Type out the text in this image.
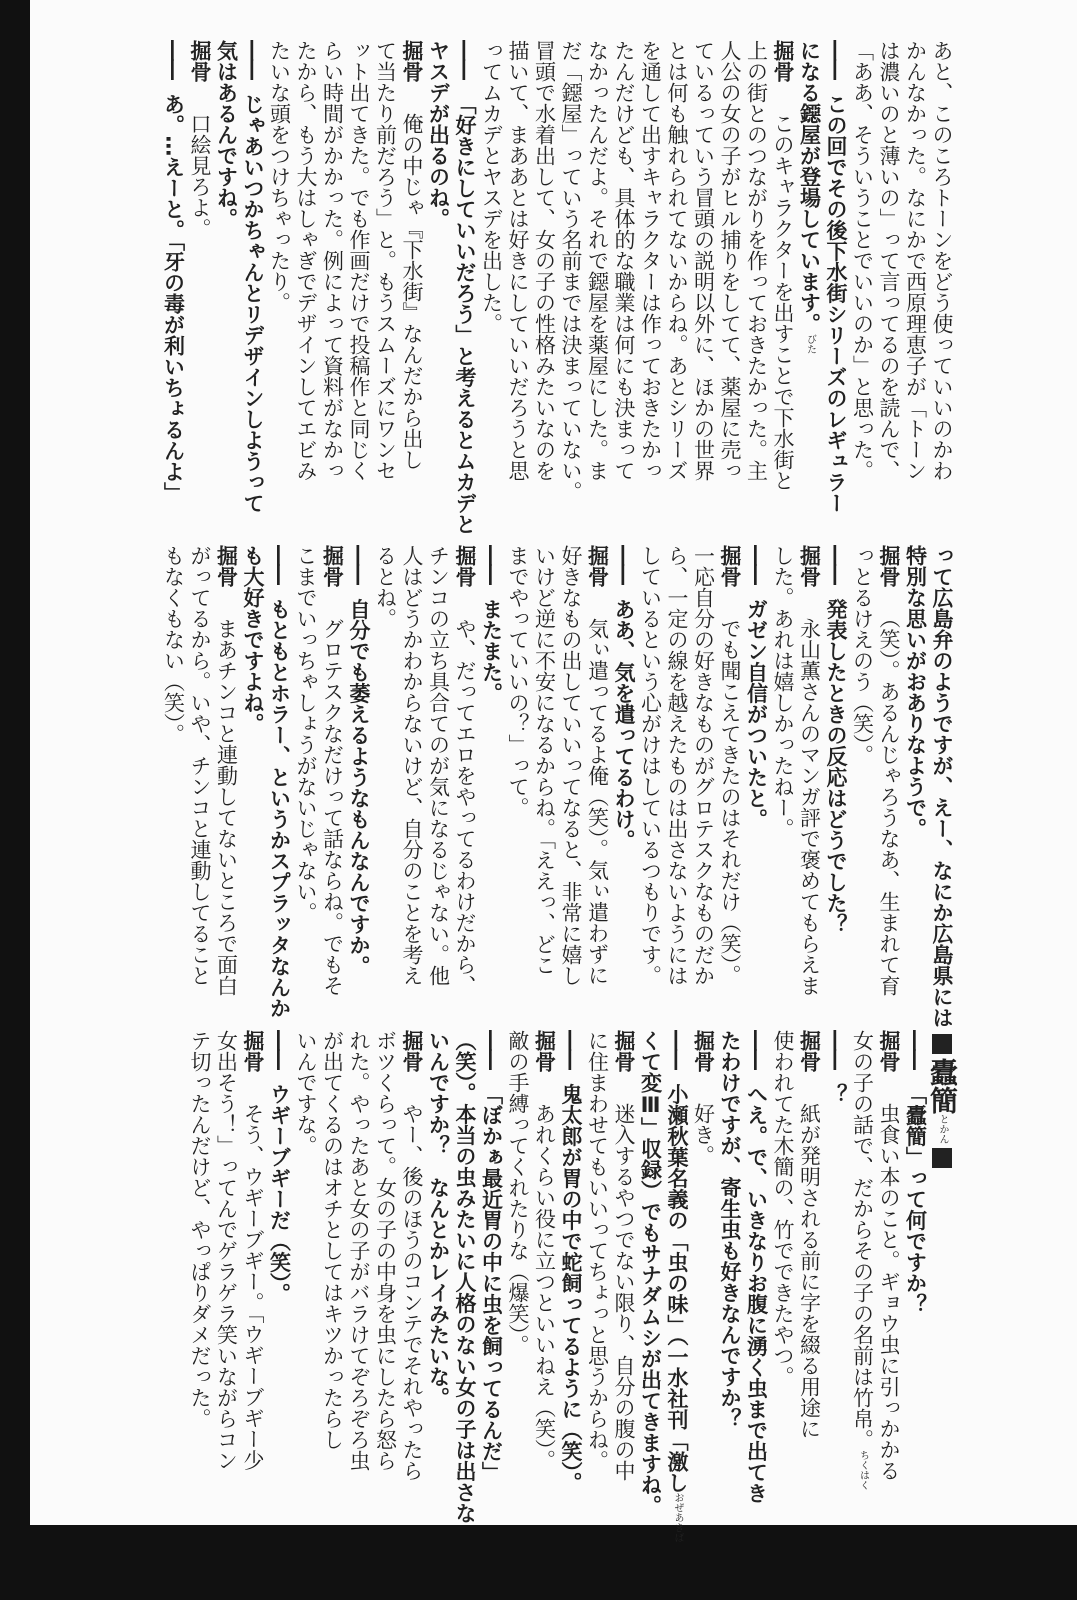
あと、このころトーンをどう使っていいのかわ
かんなかった。なにかで西原理恵子が「トーン
は濃いのと薄いの」って言ってるのを読んで、
「ああ、そういうことでいいのか」と思った。
―― この回でその後下水街シリーズのレギュラー
になる鐚屋が登場しています。びた
掘骨　このキャラクターを出すことで下水街と
上の街とのつながりを作っておきたかった。主
人公の女の子がヒル捕りをしてて、薬屋に売っ
ているっていう冒頭の説明以外に、ほかの世界
とは何も触れられてないからね。あとシリーズ
を通して出すキャラクターは作っておきたかっ
たんだけども、具体的な職業は何にも決まって
なかったんだよ。それで鐚屋を薬屋にした。ま
だ「鐚屋」っていう名前までは決まっていない。
冒頭で水着出して、女の子の性格みたいなのを
描いて、まああとは好きにしていいだろうと思
ってムカデとヤスデを出した。
―― 「好きにしていいだろう」と考えるとムカデと
ヤスデが出るのね。
掘骨　俺の中じゃ『下水街』なんだから出し
て当たり前だろう」と。もうスムーズにワンセ
ット出てきた。でも作画だけで投稿作と同じく
らい時間がかかった。例によって資料がなかっ
たから、もう大はしゃぎでデザインしてエビみ
たいな頭をつけちゃったり。
―― じゃあいつかちゃんとリデザインしようって
気はあるんですね。
掘骨　口絵見ろよ。
―― あ。…えーと。「牙の毒が利いちょるんよ」
って広島弁のようですが、えー、なにか広島県には
特別な思いがおありなようで。
掘骨　（笑）。あるんじゃろうなあ、生まれて育
っとるけえのう（笑）。
―― 発表したときの反応はどうでした？
掘骨　永山薫さんのマンガ評で褒めてもらえま
した。あれは嬉しかったねー。
―― ガゼン自信がついたと。
掘骨　でも聞こえてきたのはそれだけ（笑）。
一応自分の好きなものがグロテスクなものだか
ら、一定の線を越えたものは出さないようには
しているという心がけはしているつもりです。
―― ああ、気を遣ってるわけ。
掘骨　気ぃ遣ってるよ俺（笑）。気ぃ遣わずに
好きなもの出していいってなると、非常に嬉し
いけど逆に不安になるからね。「ええっ、どこ
までやっていいの？」って。
―― またまた。
掘骨　や、だってエロをやってるわけだから、
チンコの立ち具合てのが気になるじゃない。他
人はどうかわからないけど、自分のことを考え
るとね。
―― 自分でも萎えるようなもんなんですか。
掘骨　グロテスクなだけって話ならね。でもそ
こまでいっちゃしょうがないじゃない。
―― もともとホラー、というかスプラッタなんか
も大好きですよね。
掘骨　まあチンコと連動してないところで面白
がってるから。いや、チンコと連動してること
もなくもない（笑）。
蠹簡とかん
―― 「蠹簡」って何ですか？
掘骨　虫食い本のこと。ギョウ虫に引っかかる
女の子の話で、だからその子の名前は竹帛。ちくはく
―― ？
掘骨　紙が発明される前に字を綴る用途に
使われてた木簡の、竹でできたやつ。
―― へえ。で、いきなりお腹に湧く虫まで出てき
たわけですが、寄生虫も好きなんですか？
掘骨　好き。
―― 小瀬秋葉名義の「虫の味」（一水社刊「激しおぜあきば
くて変Ⅲ」収録）でもサナダムシが出てきますね。
掘骨　迷入するやつでない限り、自分の腹の中
に住まわせてもいいってちょっと思うからね。
―― 鬼太郎が胃の中で蛇飼ってるように（笑）。
掘骨　あれくらい役に立つといいねえ（笑）。
敵の手縛ってくれたりな（爆笑）。
―― 「ぼかぁ最近胃の中に虫を飼ってるんだ」
（笑）。本当の虫みたいに人格のない女の子は出さな
いんですか？　なんとかレイみたいな。
掘骨　やー、後のほうのコンテでそれやったら
ボツくらって。女の子の中身を虫にしたら怒ら
れた。やったあと女の子がバラけてぞろぞろ虫
が出てくるのはオチとしてはキツかったらし
いんですな。
―― ウギーブギーだ（笑）。
掘骨　そう、ウギーブギー。「ウギーブギー少
女出そう！」ってんでゲラゲラ笑いながらコン
テ切ったんだけど、やっぱりダメだった。
